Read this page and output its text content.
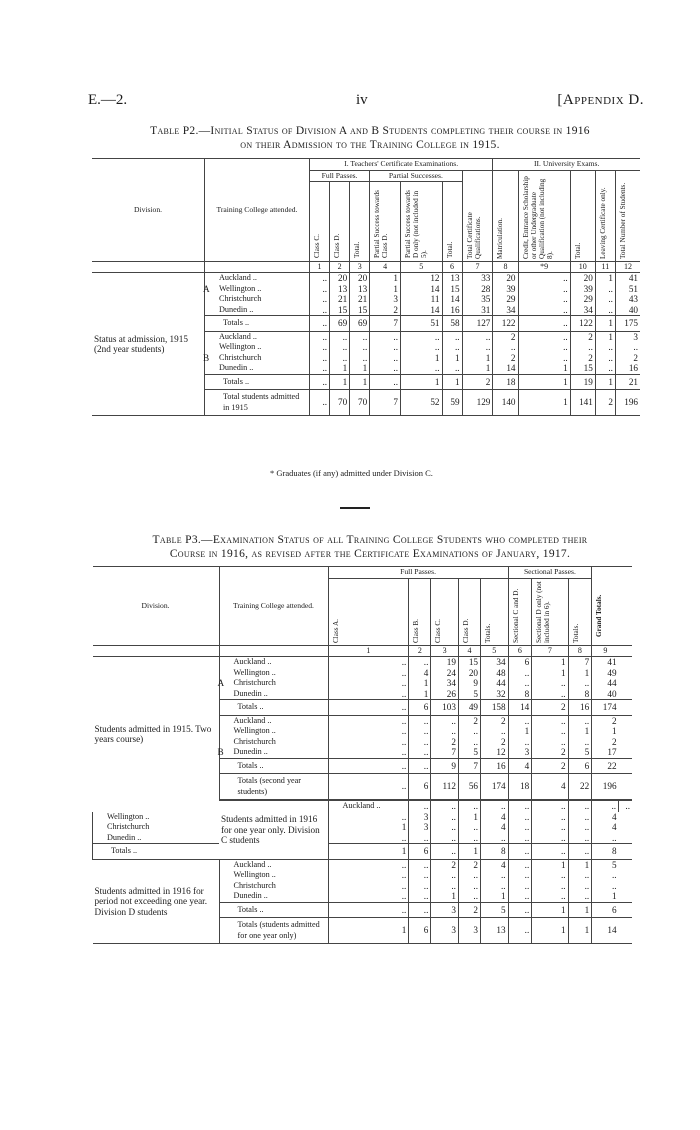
E.—2.	iv	[Appendix D.
Table P2.—Initial Status of Division A and B Students completing their course in 1916
on their Admission to the Training College in 1915.
Division.	Training College attended.	I. Teachers' Certificate Examinations.							II. University Exams.				
		Full Passes.			Partial Successes.			Total Certificate Qualifications.	Matriculation.	Credit, Entrance Scholarship or other Undergraduate Qualification (not including 8).	Total.	Leaving Certificate only.	Total Number of Students.

		Class C.	Class D.	Total.	Partial Success towards Class D.	Partial Success towards D only (not included in 5).	Total.						

		1	2	3	4	5	6	7	8	*9	10	11	12
Status at admission, 1915 (2nd year students)	Auckland ..	..	20	20	1	12	13	33	20	..	20	1	41

	A Wellington ..	..	13	13	1	14	15	28	39	..	39	..	51
	Christchurch	..	21	21	3	11	14	35	29	..	29	..	43
	Dunedin ..	..	15	15	2	14	16	31	34	..	34	..	40
	Totals ..	..	69	69	7	51	58	127	122	..	122	1	175
	Auckland ..	..	..	..	..	..	..	..	2	..	2	1	3
	Wellington ..	..	..	..	..	..	..	..	..	..	..	..	..

	B Christchurch	..	..	..	..	1	1	1	2	..	2	..	2
	Dunedin ..	..	1	1	..	..	..	1	14	1	15	..	16
	Totals ..	..	1	1	..	1	1	2	18	1	19	1	21
	Total students admitted in 1915	..	70	70	7	52	59	129	140	1	141	2	196
* Graduates (if any) admitted under Division C.
Table P3.—Examination Status of all Training College Students who completed their
Course in 1916, as revised after the Certificate Examinations of January, 1917.
Division.	Training College attended.	Full Passes.					Sectional Passes.			Grand Totals.	

		Class A.	Class B.	Class C.	Class D.	Totals.	Sectional C and D.	Sectional D only (not included in 6).	Totals.		

		1	2	3	4	5	6	7	8	9	
Students admitted in 1915. Two years course)	Auckland ..	..	..	19	15	34	6	1	7	41	
	Wellington ..	..	4	24	20	48	..	1	1	49	

	A Christchurch	..	1	34	9	44	..	..	..	44	
	Dunedin ..	..	1	26	5	32	8	..	8	40	
	Totals ..	..	6	103	49	158	14	2	16	174	
	Auckland ..	..	..	..	2	2	..	..	..	2	
	Wellington ..	..	..	..	..	..	1	..	1	1	
	Christchurch	..	..	2	..	2	..	..	..	2	

	B Dunedin ..	..	..	7	5	12	3	2	5	17	
	Totals ..	..	..	9	7	16	4	2	6	22	
	Totals (second year students)	..	6	112	56	174	18	4	22	196	
	Students admitted in 1916 for one year only. Division C students	Auckland ..	..	..	..	..	..	..	..	..	..
Wellington ..		..	3	..	1	4	..	..	..	4	
Christchurch		1	3	..	..	4	..	..	..	4	
Dunedin ..		..	..	..	..	..	..	..	..	..	
Totals ..		1	6	..	1	8	..	..	..	8	
Students admitted in 1916 for period not exceeding one year. Division D students	Auckland ..	..	..	2	2	4	..	1	1	5	
	Wellington ..	..	..	..	..	..	..	..	..	..	
	Christchurch	..	..	..	..	..	..	..	..	..	
	Dunedin ..	..	..	1	..	1	..	..	..	1	
	Totals ..	..	..	3	2	5	..	1	1	6	
	Totals (students admitted for one year only)	1	6	3	3	13	..	1	1	14	
